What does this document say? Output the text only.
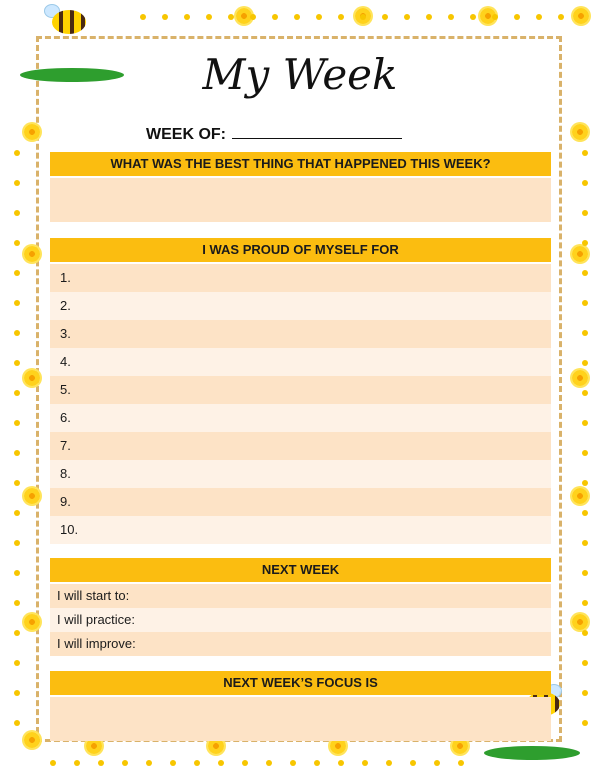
My Week
WEEK OF:
WHAT WAS THE BEST THING THAT HAPPENED THIS WEEK?
I WAS PROUD OF MYSELF FOR
1.
2.
3.
4.
5.
6.
7.
8.
9.
10.
NEXT WEEK
I will start to:
I will practice:
I will improve:
NEXT WEEK’S FOCUS IS
